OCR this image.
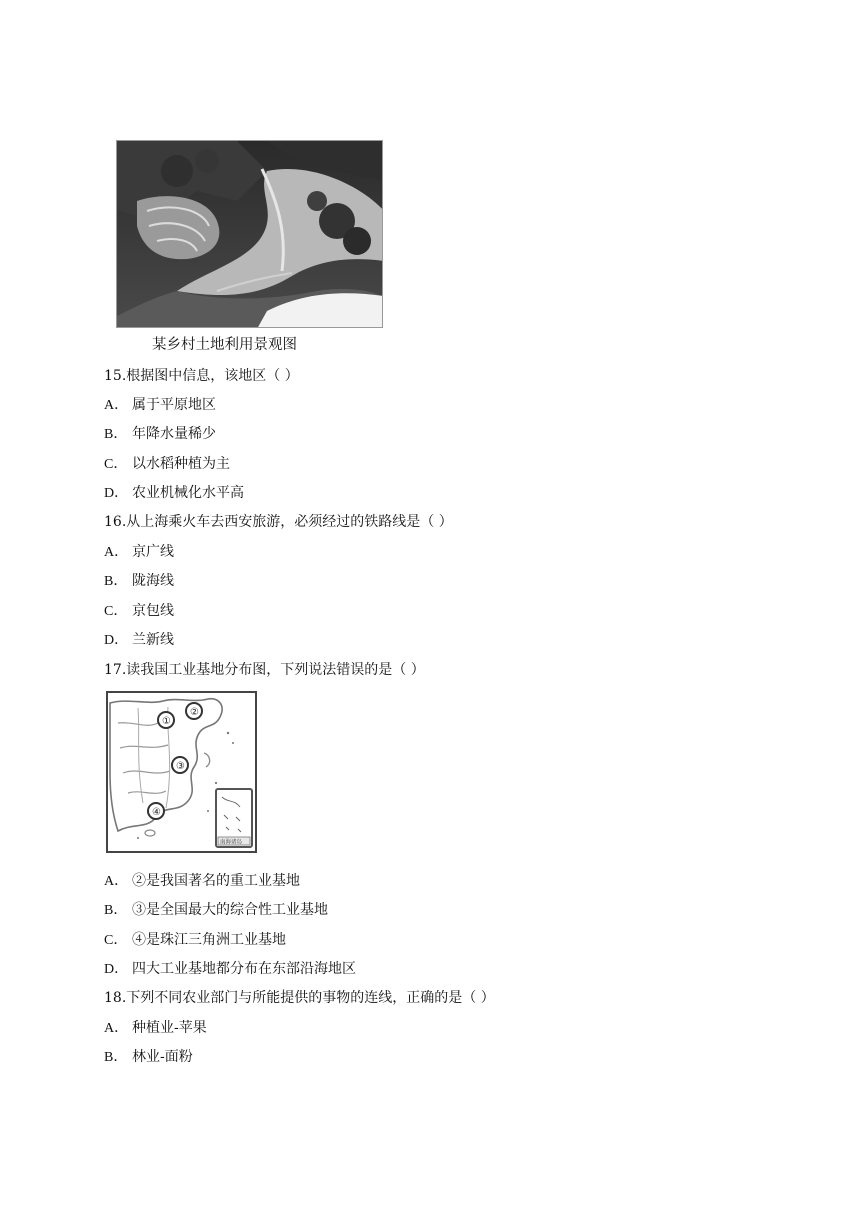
某乡村土地利用景观图
15.根据图中信息，该地区（ ）
A． 属于平原地区
B． 年降水量稀少
C． 以水稻种植为主
D． 农业机械化水平高
16.从上海乘火车去西安旅游，必须经过的铁路线是（ ）
A． 京广线
B． 陇海线
C． 京包线
D． 兰新线
17.读我国工业基地分布图，下列说法错误的是（ ）
①
②
③
④
南海诸岛
A． ②是我国著名的重工业基地
B． ③是全国最大的综合性工业基地
C． ④是珠江三角洲工业基地
D． 四大工业基地都分布在东部沿海地区
18.下列不同农业部门与所能提供的事物的连线，正确的是（ ）
A． 种植业-苹果
B． 林业-面粉
